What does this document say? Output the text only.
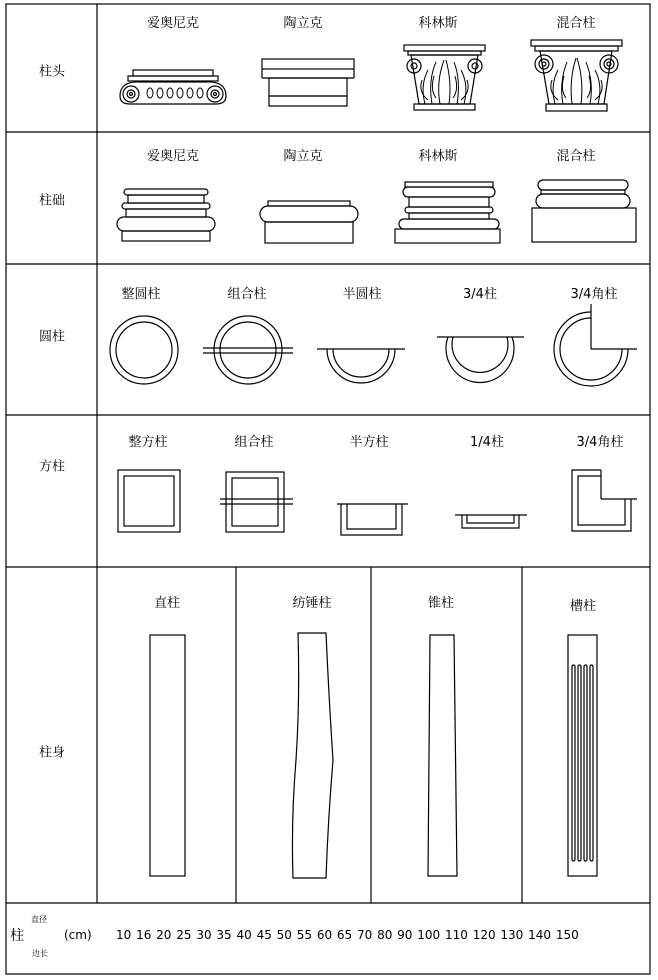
柱头
爱奥尼克	陶立克	科林斯	混合柱
柱础
爱奥尼克	陶立克	科林斯	混合柱
圆柱
整圆柱	组合柱	半圆柱	3/4柱	3/4角柱
方柱
整方柱	组合柱	半方柱	1/4柱	3/4角柱
柱身
直柱	纺锤柱	锥柱	槽柱
柱
直径
边长
(cm) 10 16 20 25 30 35 40 45 50 55 60 65 70 80 90 100 110 120 130 140 150
